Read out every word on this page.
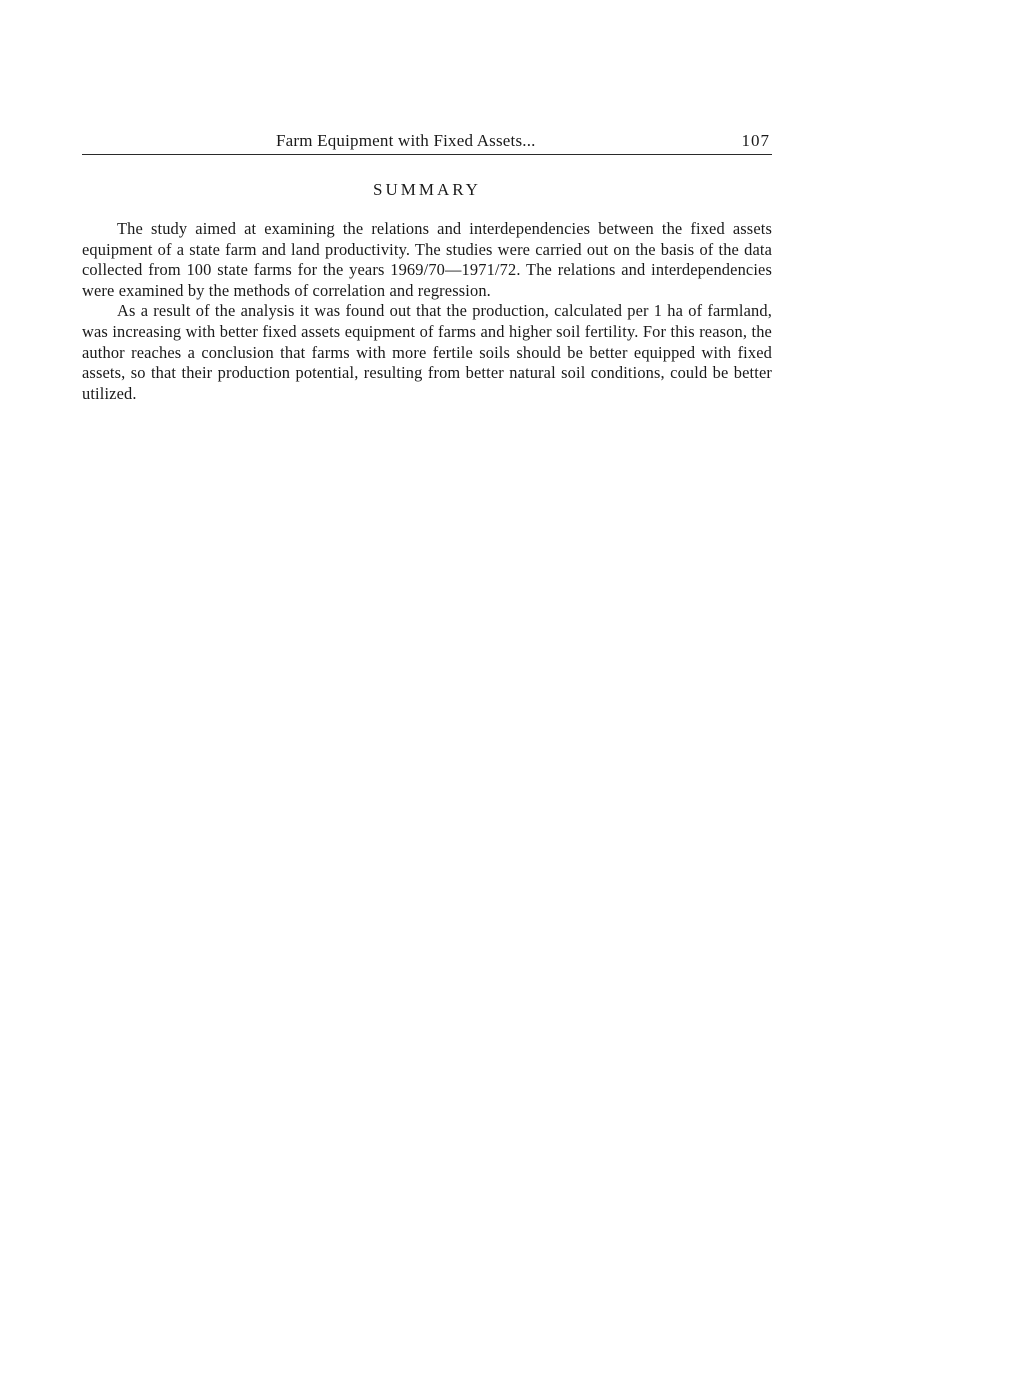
Farm Equipment with Fixed Assets...	107
SUMMARY

The study aimed at examining the relations and interdependencies between the fixed assets equipment of a state farm and land productivity. The studies were carried out on the basis of the data collected from 100 state farms for the years 1969/70—1971/72. The relations and interdependencies were examined by the methods of correlation and regression.

As a result of the analysis it was found out that the production, calculated per 1 ha of farmland, was increasing with better fixed assets equipment of farms and higher soil fertility. For this reason, the author reaches a conclusion that farms with more fertile soils should be better equipped with fixed assets, so that their production potential, resulting from better natural soil conditions, could be better utilized.
